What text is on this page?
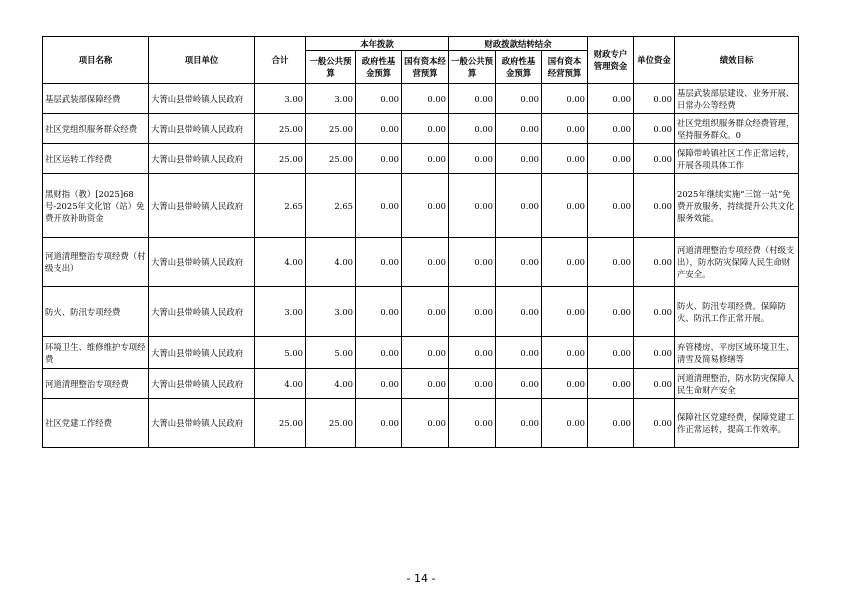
项目名称	项目单位	合计	本年拨款			财政拨款结转结余			财政专户管理资金	单位资金	绩效目标
			一般公共预算	政府性基金预算	国有资本经营预算	一般公共预算	政府性基金预算	国有资本经营预算			
基层武装部保障经费	大箐山县带岭镇人民政府	3.00	3.00	0.00	0.00	0.00	0.00	0.00	0.00	0.00	基层武装部层建设、业务开展、日常办公等经费
社区党组织服务群众经费	大箐山县带岭镇人民政府	25.00	25.00	0.00	0.00	0.00	0.00	0.00	0.00	0.00	社区党组织服务群众经费管理，坚持服务群众。0
社区运转工作经费	大箐山县带岭镇人民政府	25.00	25.00	0.00	0.00	0.00	0.00	0.00	0.00	0.00	保障带岭镇社区工作正常运转，开展各项具体工作
黑财指（教）[2025]68号-2025年文化馆（站）免费开放补助资金	大箐山县带岭镇人民政府	2.65	2.65	0.00	0.00	0.00	0.00	0.00	0.00	0.00	2025年继续实施“三馆一站”免费开放服务，持续提升公共文化服务效能。
河道清理整治专项经费（村级支出）	大箐山县带岭镇人民政府	4.00	4.00	0.00	0.00	0.00	0.00	0.00	0.00	0.00	河道清理整治专项经费（村级支出），防水防灾保障人民生命财产安全。
防火、防汛专项经费	大箐山县带岭镇人民政府	3.00	3.00	0.00	0.00	0.00	0.00	0.00	0.00	0.00	防火、防汛专项经费。保障防火、防汛工作正常开展。
环境卫生、维修维护专项经费	大箐山县带岭镇人民政府	5.00	5.00	0.00	0.00	0.00	0.00	0.00	0.00	0.00	弃管楼房、平房区域环境卫生、清雪及简易修缮等
河道清理整治专项经费	大箐山县带岭镇人民政府	4.00	4.00	0.00	0.00	0.00	0.00	0.00	0.00	0.00	河道清理整治，防水防灾保障人民生命财产安全
社区党建工作经费	大箐山县带岭镇人民政府	25.00	25.00	0.00	0.00	0.00	0.00	0.00	0.00	0.00	保障社区党建经费，保障党建工作正常运转，提高工作效率。
- 14 -
